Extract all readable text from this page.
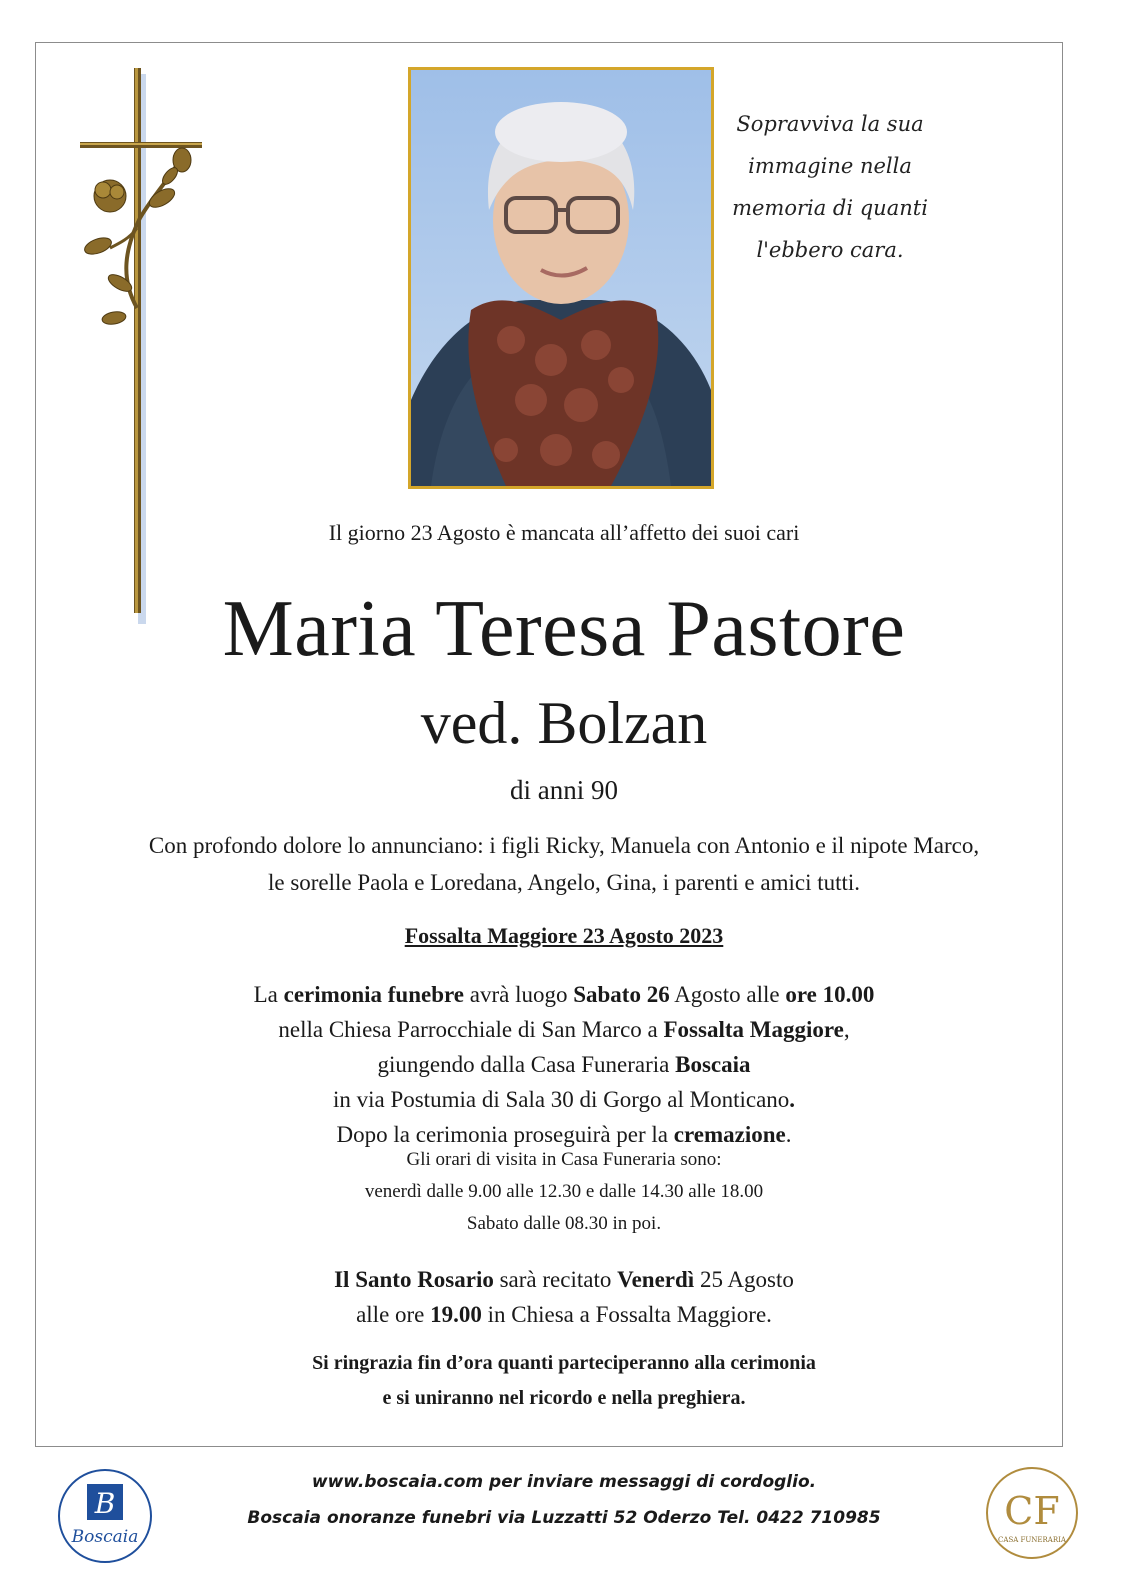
Sopravviva la sua
immagine nella
memoria di quanti
l'ebbero cara.
Il giorno 23 Agosto è mancata all’affetto dei suoi cari
Maria Teresa Pastore
ved. Bolzan
di anni 90
Con profondo dolore lo annunciano: i figli Ricky, Manuela con Antonio e il nipote Marco,
le sorelle Paola e Loredana, Angelo, Gina, i parenti e amici tutti.
Fossalta Maggiore 23 Agosto 2023
La cerimonia funebre avrà luogo Sabato 26 Agosto alle ore 10.00
nella Chiesa Parrocchiale di San Marco a Fossalta Maggiore,
giungendo dalla Casa Funeraria Boscaia
in via Postumia di Sala 30 di Gorgo al Monticano.
Dopo la cerimonia proseguirà per la cremazione.
Gli orari di visita in Casa Funeraria sono:
venerdì dalle 9.00 alle 12.30 e dalle 14.30 alle 18.00
Sabato dalle 08.30 in poi.
Il Santo Rosario sarà recitato Venerdì 25 Agosto
alle ore 19.00 in Chiesa a Fossalta Maggiore.
Si ringrazia fin d’ora quanti parteciperanno alla cerimonia
e si uniranno nel ricordo e nella preghiera.
B
Boscaia
www.boscaia.com per inviare messaggi di cordoglio.
Boscaia onoranze funebri via Luzzatti 52 Oderzo Tel. 0422 710985	CF
CASA FUNERARIA
